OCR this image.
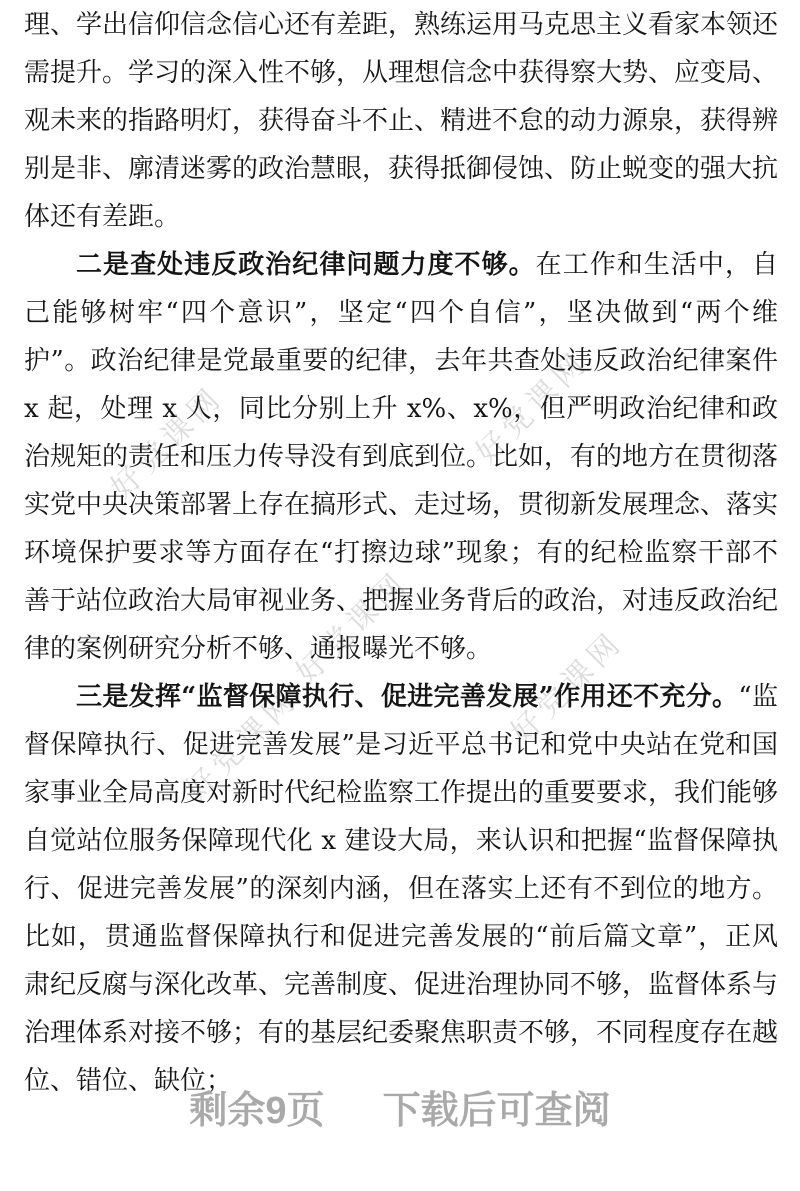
好党课网	好党课网
好党课网	好党课网
好党课网

理、学出信仰信念信心还有差距，熟练运用马克思主义看家本领还需提升。学习的深入性不够，从理想信念中获得察大势、应变局、观未来的指路明灯，获得奋斗不止、精进不怠的动力源泉，获得辨别是非、廓清迷雾的政治慧眼，获得抵御侵蚀、防止蜕变的强大抗体还有差距。

二是查处违反政治纪律问题力度不够。在工作和生活中，自己能够树牢“四个意识”，坚定“四个自信”，坚决做到“两个维护”。政治纪律是党最重要的纪律，去年共查处违反政治纪律案件 x 起，处理 x 人，同比分别上升 x%、x%，但严明政治纪律和政治规矩的责任和压力传导没有到底到位。比如，有的地方在贯彻落实党中央决策部署上存在搞形式、走过场，贯彻新发展理念、落实环境保护要求等方面存在“打擦边球”现象；有的纪检监察干部不善于站位政治大局审视业务、把握业务背后的政治，对违反政治纪律的案例研究分析不够、通报曝光不够。

三是发挥“监督保障执行、促进完善发展”作用还不充分。“监督保障执行、促进完善发展”是习近平总书记和党中央站在党和国家事业全局高度对新时代纪检监察工作提出的重要要求，我们能够自觉站位服务保障现代化 x 建设大局，来认识和把握“监督保障执行、促进完善发展”的深刻内涵，但在落实上还有不到位的地方。比如，贯通监督保障执行和促进完善发展的“前后篇文章”，正风肃纪反腐与深化改革、完善制度、促进治理协同不够，监督体系与治理体系对接不够；有的基层纪委聚焦职责不够，不同程度存在越位、错位、缺位；

剩余9页 下载后可查阅
